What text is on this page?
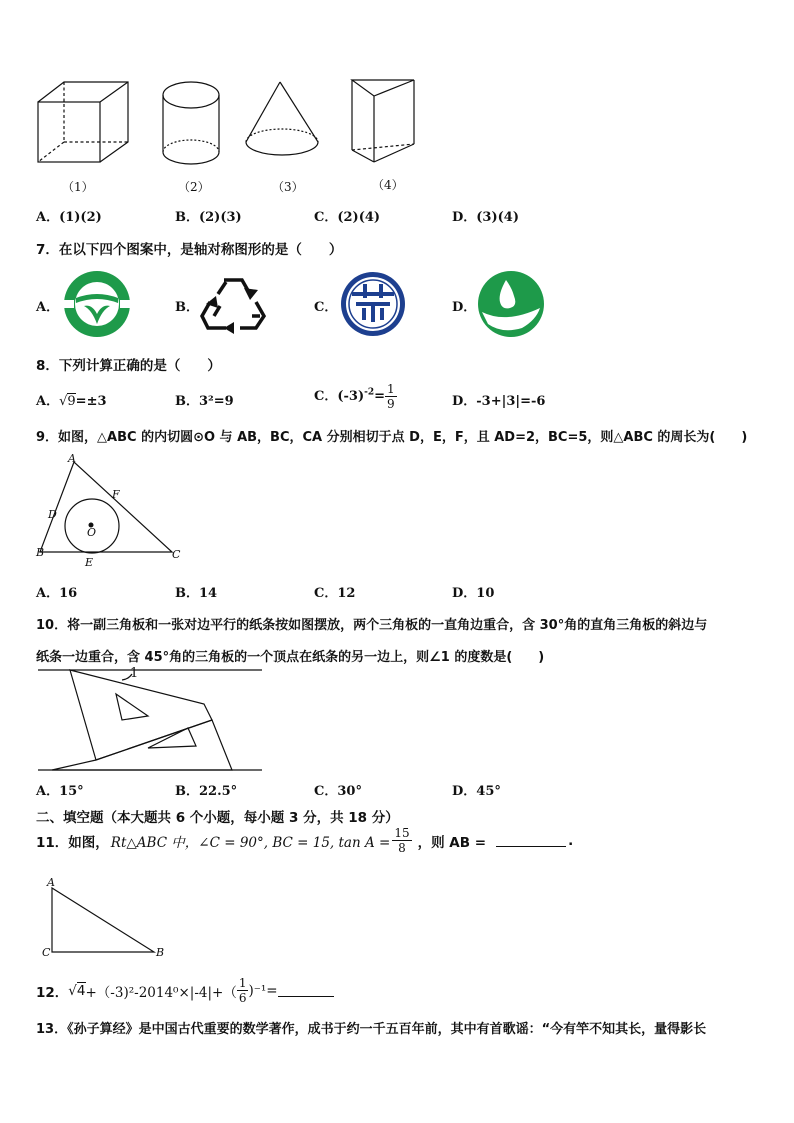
（1）	（2）	（3）	（4）
A．(1)(2)	B．(2)(3)	C．(2)(4)	D．(3)(4)
7．在以下四个图案中，是轴对称图形的是（　　）
A．	B．	C．	D．
8．下列计算正确的是（　　）
A．√9=±3	B．3²=9	C．$(-3)^{-2}= \frac{1}{9}$	D．-3+|3|=-6
9．如图，△ABC 的内切圆⊙O 与 AB，BC，CA 分别相切于点 D，E，F，且 AD=2，BC=5，则△ABC 的周长为(　　)
A
F
D
O
B	C
E
A．16	B．14	C．12	D．10
10．将一副三角板和一张对边平行的纸条按如图摆放，两个三角板的一直角边重合，含 30°角的直角三角板的斜边与
纸条一边重合，含 45°角的三角板的一个顶点在纸条的另一边上，则∠1 的度数是(　　)
1
A．15°	B．22.5°	C．30°	D．45°
二、填空题（本大题共 6 个小题，每小题 3 分，共 18 分）
11．如图， Rt△ABC 中，∠C = 90°, BC = 15, $\tan A = \frac{15}{8}$ ，则 AB =	.
A
C	B
12． √ $4 +(-3)^2-2014^0\times|-4|+( \frac{1}{6} )^{-1}=$
13．《孙子算经》是中国古代重要的数学著作，成书于约一千五百年前，其中有首歌谣：“今有竿不知其长，量得影长
